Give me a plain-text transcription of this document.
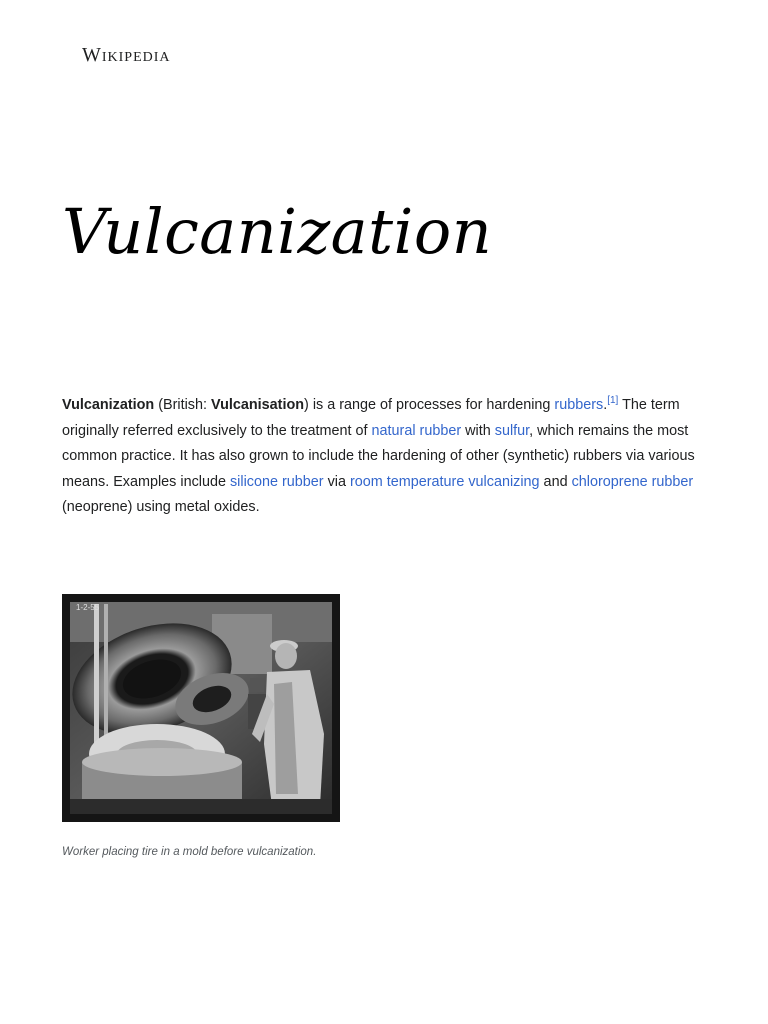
Wikipedia
Vulcanization

Vulcanization (British: Vulcanisation) is a range of processes for hardening rubbers.[1] The term originally referred exclusively to the treatment of natural rubber with sulfur, which remains the most common practice. It has also grown to include the hardening of other (synthetic) rubbers via various means. Examples include silicone rubber via room temperature vulcanizing and chloroprene rubber (neoprene) using metal oxides.

1-2-55
Worker placing tire in a mold before vulcanization.
